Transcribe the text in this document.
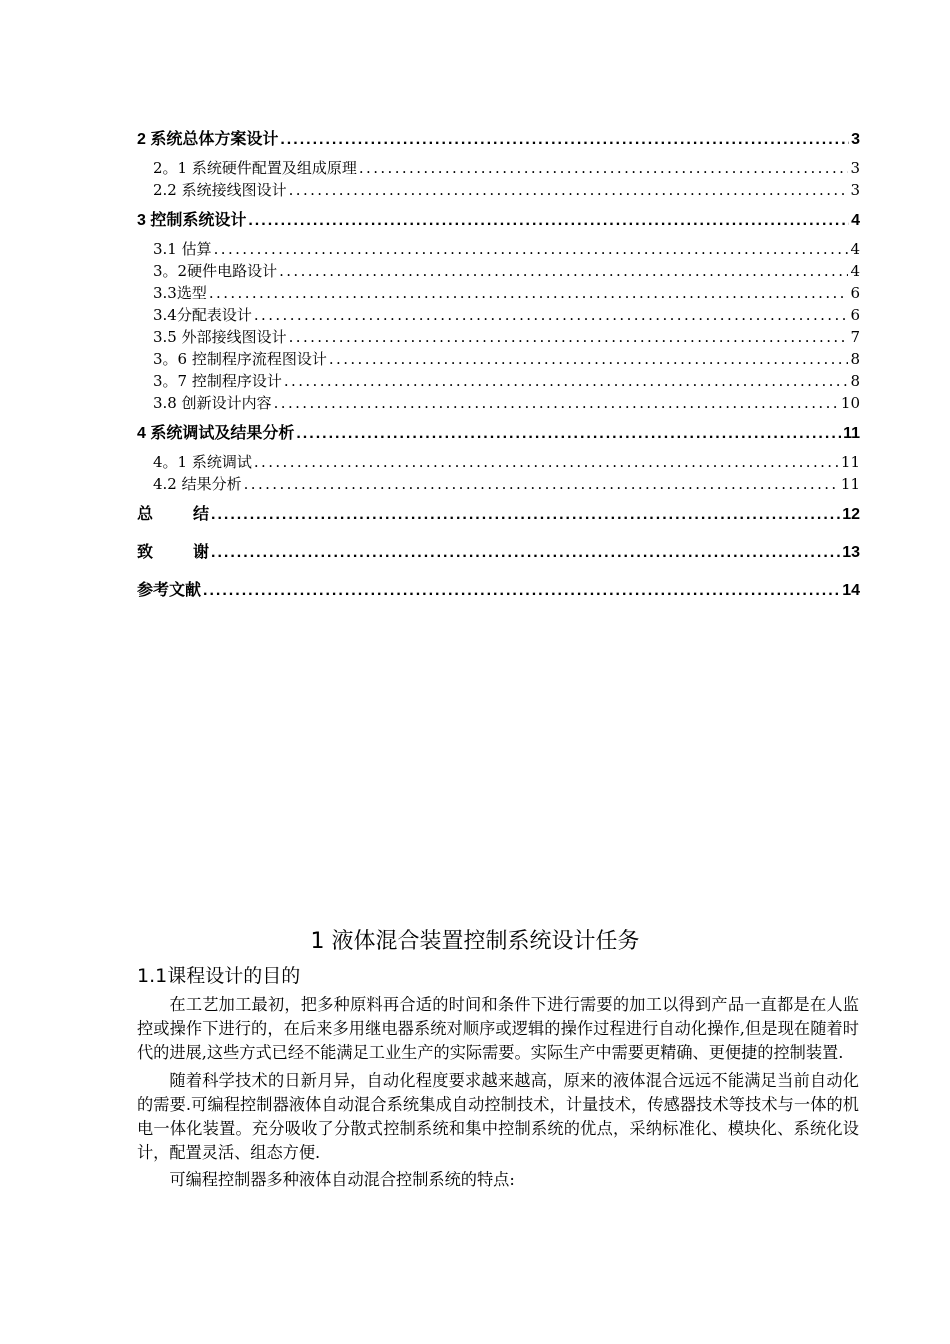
2 系统总体方案设计 .....	3
2。1 系统硬件配置及组成原理 .....	3
2.2 系统接线图设计 .....	3
3 控制系统设计 .....	4
3.1 估算 .....	4
3。2硬件电路设计 .....	4
3.3选型 .....	6
3.4分配表设计 .....	6
3.5 外部接线图设计 .....	7
3。6 控制程序流程图设计 .....	8
3。7 控制程序设计 .....	8
3.8 创新设计内容 .....	10
4 系统调试及结果分析 .....	11
4。1 系统调试 .....	11
4.2 结果分析 .....	11
总 结 .....	12
致 谢 .....	13
参考文献 .....	14
1 液体混合装置控制系统设计任务
1.1课程设计的目的

在工艺加工最初，把多种原料再合适的时间和条件下进行需要的加工以得到产品一直都是在人监控或操作下进行的，在后来多用继电器系统对顺序或逻辑的操作过程进行自动化操作,但是现在随着时代的进展,这些方式已经不能满足工业生产的实际需要。实际生产中需要更精确、更便捷的控制装置.

随着科学技术的日新月异，自动化程度要求越来越高，原来的液体混合远远不能满足当前自动化的需要.可编程控制器液体自动混合系统集成自动控制技术，计量技术，传感器技术等技术与一体的机电一体化装置。充分吸收了分散式控制系统和集中控制系统的优点，采纳标准化、模块化、系统化设计，配置灵活、组态方便.

可编程控制器多种液体自动混合控制系统的特点:
